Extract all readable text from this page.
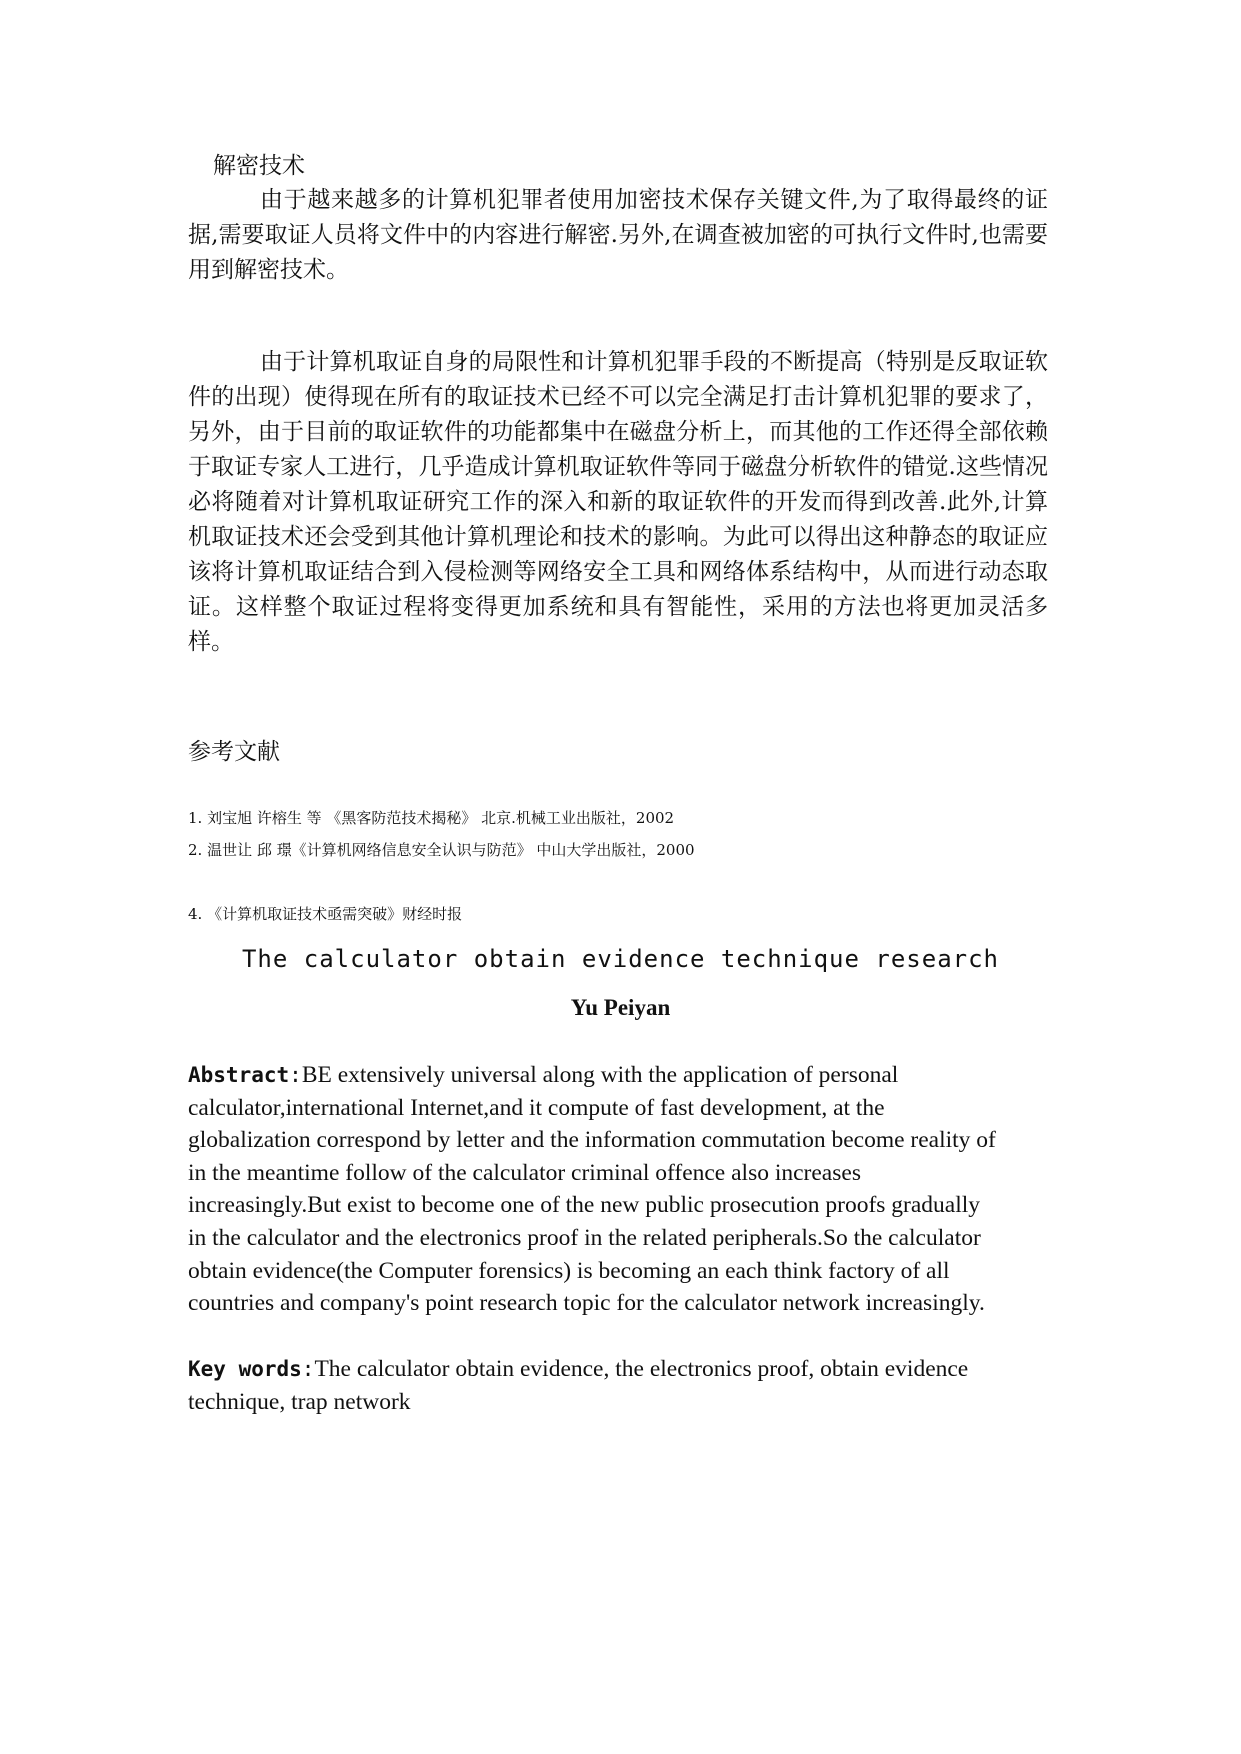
解密技术
由于越来越多的计算机犯罪者使用加密技术保存关键文件,为了取得最终的证据,需要取证人员将文件中的内容进行解密.另外,在调查被加密的可执行文件时,也需要用到解密技术。
由于计算机取证自身的局限性和计算机犯罪手段的不断提高（特别是反取证软件的出现）使得现在所有的取证技术已经不可以完全满足打击计算机犯罪的要求了，另外，由于目前的取证软件的功能都集中在磁盘分析上，而其他的工作还得全部依赖于取证专家人工进行，几乎造成计算机取证软件等同于磁盘分析软件的错觉.这些情况必将随着对计算机取证研究工作的深入和新的取证软件的开发而得到改善.此外,计算机取证技术还会受到其他计算机理论和技术的影响。为此可以得出这种静态的取证应该将计算机取证结合到入侵检测等网络安全工具和网络体系结构中，从而进行动态取证。这样整个取证过程将变得更加系统和具有智能性，采用的方法也将更加灵活多样。
参考文献
1. 刘宝旭 许榕生 等 《黑客防范技术揭秘》 北京.机械工业出版社，2002
2. 温世让 邱 璟《计算机网络信息安全认识与防范》 中山大学出版社，2000
4. 《计算机取证技术亟需突破》财经时报
The calculator obtain evidence technique research
Yu Peiyan
Abstract:BE extensively universal along with the application of personal
calculator,international Internet,and it compute of fast development, at the
globalization correspond by letter and the information commutation become reality of
in the meantime follow of the calculator criminal offence also increases
increasingly.But exist to become one of the new public prosecution proofs gradually
in the calculator and the electronics proof in the related peripherals.So the calculator
obtain evidence(the Computer forensics) is becoming an each think factory of all
countries and company's point research topic for the calculator network increasingly.
Key words:The calculator obtain evidence, the electronics proof, obtain evidence
technique, trap network
